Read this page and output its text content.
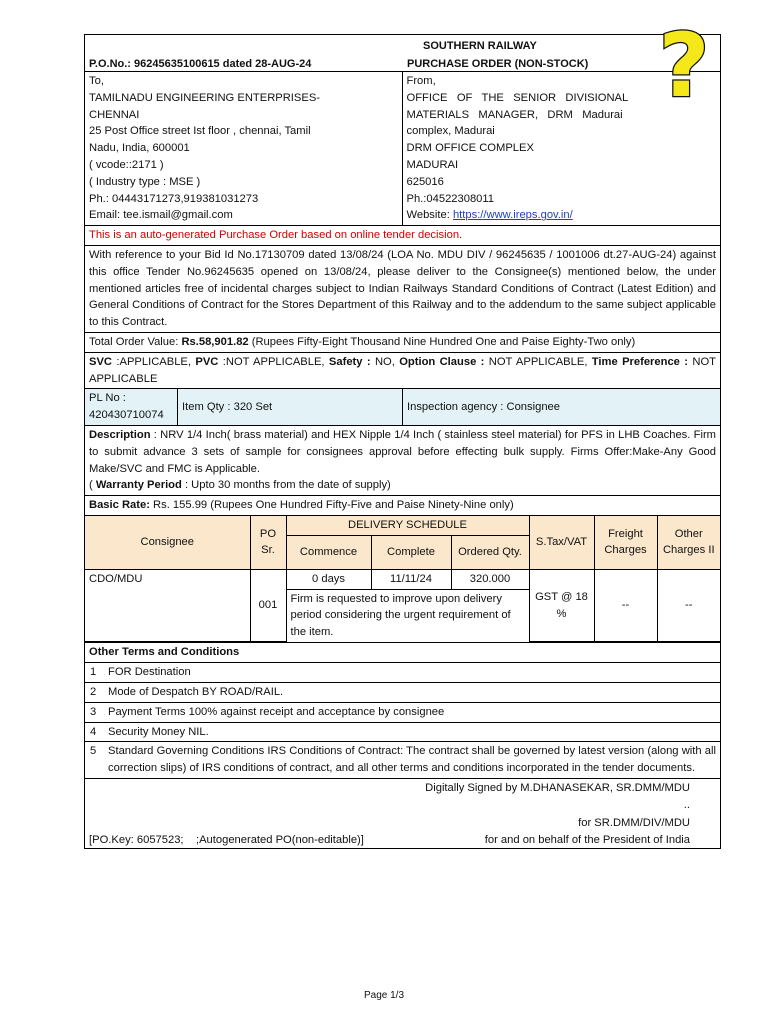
SOUTHERN RAILWAY
P.O.No.: 96245635100615 dated 28-AUG-24	PURCHASE ORDER (NON-STOCK)
To,
TAMILNADU ENGINEERING ENTERPRISES-
CHENNAI
25 Post Office street Ist floor , chennai, Tamil
Nadu, India, 600001
( vcode::2171 )
( Industry type : MSE )
Ph.: 04443171273,919381031273
Email: tee.ismail@gmail.com
From,
OFFICE   OF   THE   SENIOR   DIVISIONAL
MATERIALS   MANAGER,   DRM   Madurai
complex, Madurai
DRM OFFICE COMPLEX
MADURAI
625016
Ph.:04522308011
Website: https://www.ireps.gov.in/
This is an auto-generated Purchase Order based on online tender decision.
With reference to your Bid Id No.17130709 dated 13/08/24 (LOA No. MDU DIV / 96245635 / 1001006 dt.27-AUG-24) against this office Tender No.96245635 opened on 13/08/24, please deliver to the Consignee(s) mentioned below, the under mentioned articles free of incidental charges subject to Indian Railways Standard Conditions of Contract (Latest Edition) and General Conditions of Contract for the Stores Department of this Railway and to the addendum to the same subject applicable to this Contract.
Total Order Value: Rs.58,901.82 (Rupees Fifty-Eight Thousand Nine Hundred One and Paise Eighty-Two only)
SVC :APPLICABLE, PVC :NOT APPLICABLE, Safety : NO, Option Clause : NOT APPLICABLE, Time Preference : NOT APPLICABLE
PL No : 420430710074
Item Qty : 320 Set	Inspection agency : Consignee
Description : NRV 1/4 Inch( brass material) and HEX Nipple 1/4 Inch ( stainless steel material) for PFS in LHB Coaches. Firm to submit advance 3 sets of sample for consignees approval before effecting bulk supply. Firms Offer:Make-Any Good Make/SVC and FMC is Applicable.
( Warranty Period : Upto 30 months from the date of supply)
Basic Rate: Rs. 155.99 (Rupees One Hundred Fifty-Five and Paise Ninety-Nine only)
Consignee	PO Sr.	DELIVERY SCHEDULE			S.Tax/VAT	Freight Charges	Other Charges II
		Commence	Complete	Ordered Qty.			
CDO/MDU	001	0 days	11/11/24	320.000	GST @ 18 %	--	--
		Firm is requested to improve upon delivery period considering the urgent requirement of the item.					
Other Terms and Conditions
1	FOR Destination
2	Mode of Despatch BY ROAD/RAIL.
3	Payment Terms 100% against receipt and acceptance by consignee
4	Security Money NIL.
5	Standard Governing Conditions IRS Conditions of Contract: The contract shall be governed by latest version (along with all correction slips) of IRS conditions of contract, and all other terms and conditions incorporated in the tender documents.
Digitally Signed by M.DHANASEKAR, SR.DMM/MDU
..
for SR.DMM/DIV/MDU
[PO.Key: 6057523;    ;Autogenerated PO(non-editable)]	for and on behalf of the President of India
?
Page 1/3
